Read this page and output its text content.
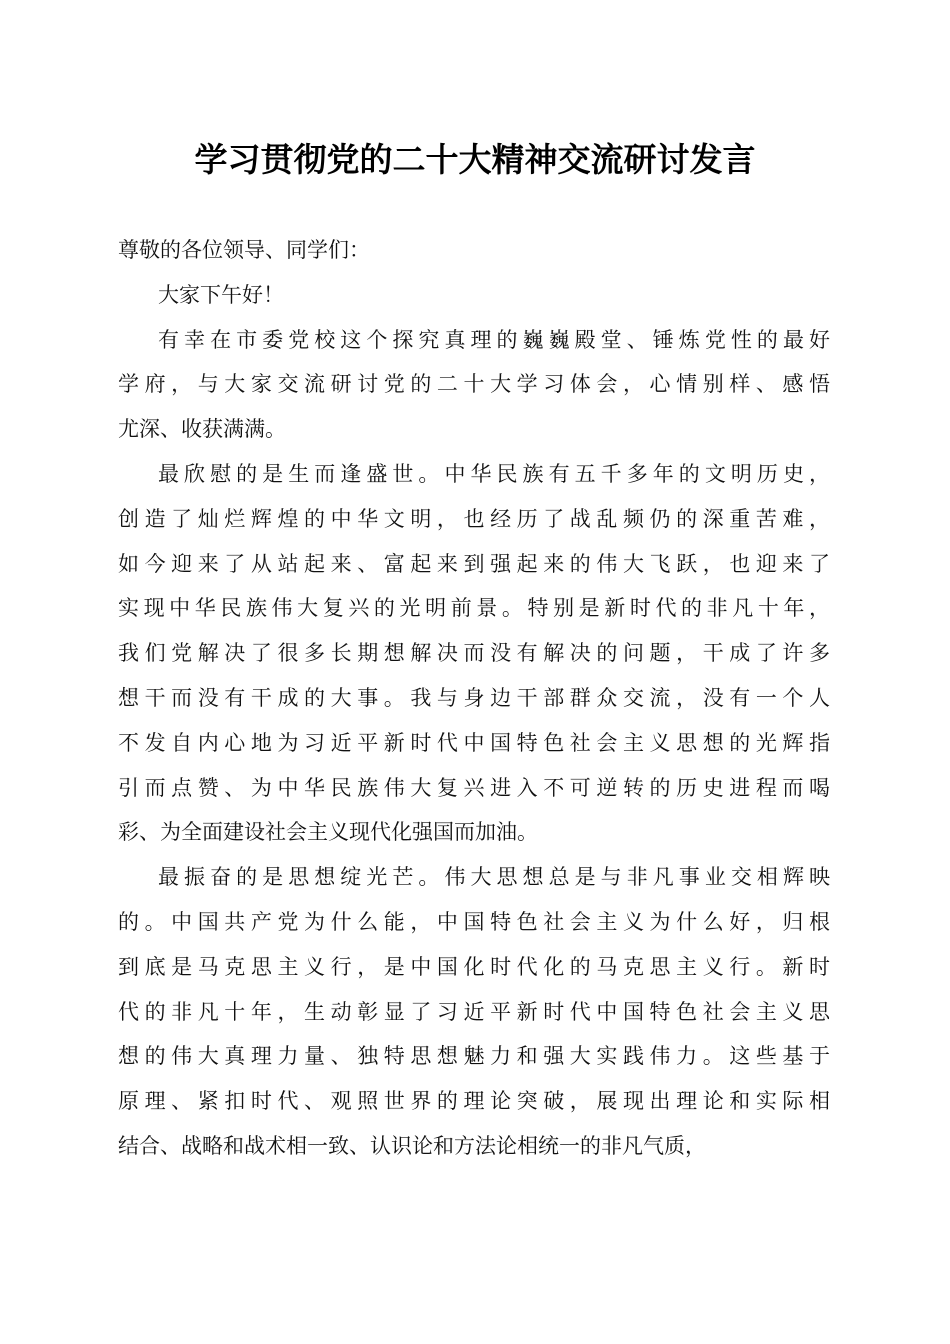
学习贯彻党的二十大精神交流研讨发言
尊敬的各位领导、同学们：
大家下午好！
有幸在市委党校这个探究真理的巍巍殿堂、锤炼党性的最好
学府，与大家交流研讨党的二十大学习体会，心情别样、感悟
尤深、收获满满。
最欣慰的是生而逢盛世。中华民族有五千多年的文明历史，
创造了灿烂辉煌的中华文明，也经历了战乱频仍的深重苦难，
如今迎来了从站起来、富起来到强起来的伟大飞跃，也迎来了
实现中华民族伟大复兴的光明前景。特别是新时代的非凡十年，
我们党解决了很多长期想解决而没有解决的问题，干成了许多
想干而没有干成的大事。我与身边干部群众交流，没有一个人
不发自内心地为习近平新时代中国特色社会主义思想的光辉指
引而点赞、为中华民族伟大复兴进入不可逆转的历史进程而喝
彩、为全面建设社会主义现代化强国而加油。
最振奋的是思想绽光芒。伟大思想总是与非凡事业交相辉映
的。中国共产党为什么能，中国特色社会主义为什么好，归根
到底是马克思主义行，是中国化时代化的马克思主义行。新时
代的非凡十年，生动彰显了习近平新时代中国特色社会主义思
想的伟大真理力量、独特思想魅力和强大实践伟力。这些基于
原理、紧扣时代、观照世界的理论突破，展现出理论和实际相
结合、战略和战术相一致、认识论和方法论相统一的非凡气质，
